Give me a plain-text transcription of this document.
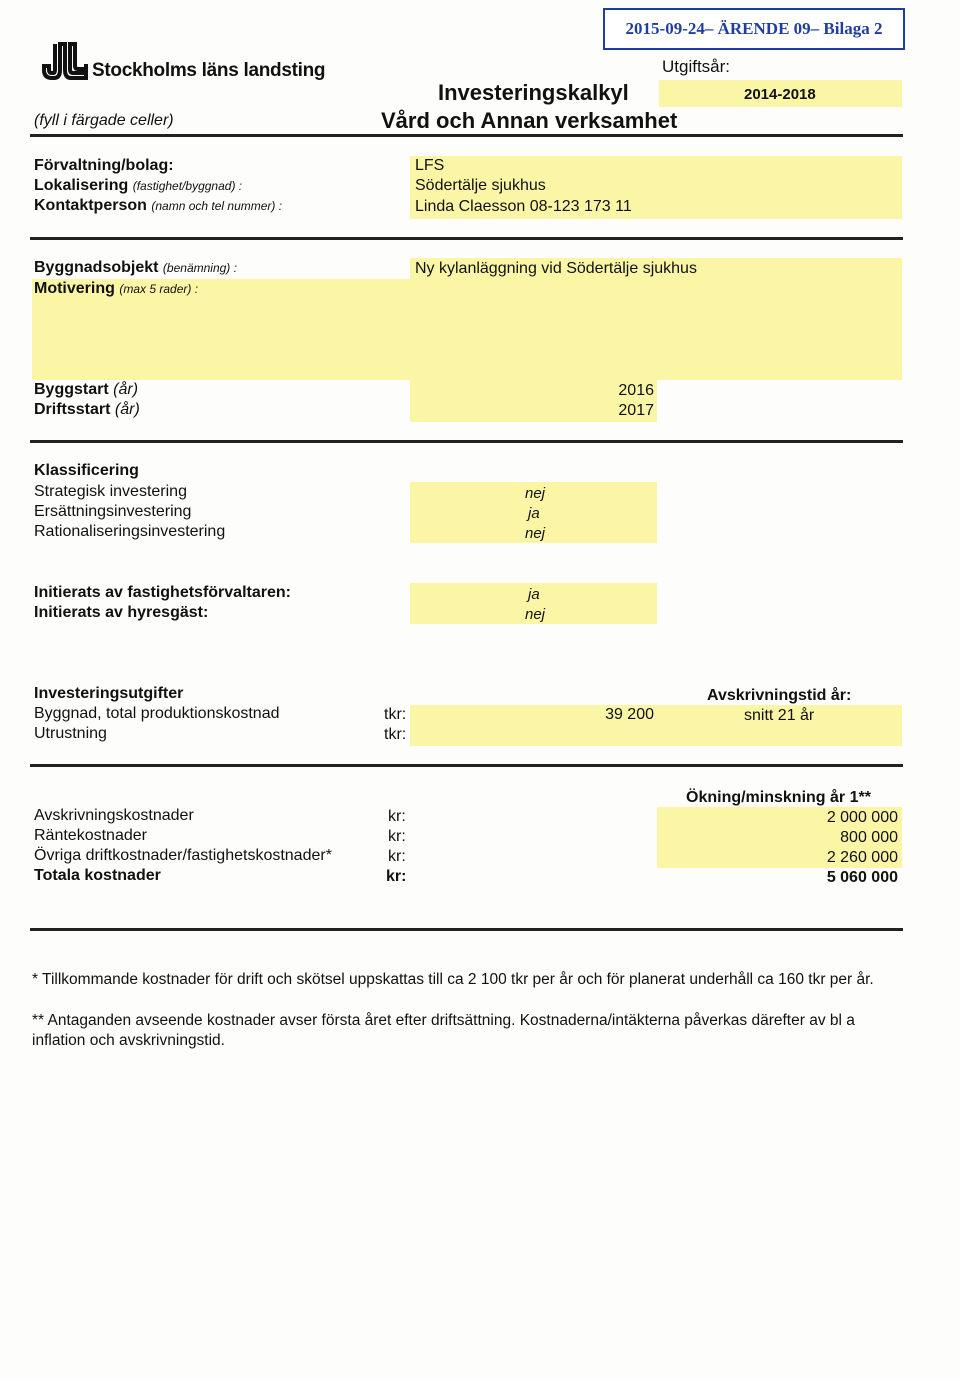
2015-09-24– ÄRENDE 09– Bilaga 2
Stockholms läns landsting
(fyll i färgade celler)
Investeringskalkyl
Vård och Annan verksamhet
Utgiftsår:
2014-2018
Förvaltning/bolag:	LFS
Lokalisering (fastighet/byggnad) :	Södertälje sjukhus
Kontaktperson (namn och tel nummer) :	Linda Claesson 08-123 173 11
Byggnadsobjekt (benämning) :	Ny kylanläggning vid Södertälje sjukhus
Motivering (max 5 rader) :
Byggstart (år)	2016
Driftsstart (år)	2017
Klassificering
Strategisk investering	nej
Ersättningsinvestering	ja
Rationaliseringsinvestering	nej
Initierats av fastighetsförvaltaren:	ja
Initierats av hyresgäst:	nej
Investeringsutgifter	Avskrivningstid år:
Byggnad, total produktionskostnad	tkr:	39 200	snitt 21 år
Utrustning	tkr:
Ökning/minskning år 1**
Avskrivningskostnader	kr:	2 000 000
Räntekostnader	kr:	800 000
Övriga driftkostnader/fastighetskostnader*	kr:	2 260 000
Totala kostnader	kr:	5 060 000
* Tillkommande kostnader för drift och skötsel uppskattas till ca 2 100 tkr per år och för planerat underhåll ca 160 tkr per år.
** Antaganden avseende kostnader avser första året efter driftsättning. Kostnaderna/intäkterna påverkas därefter av bl a inflation och avskrivningstid.
